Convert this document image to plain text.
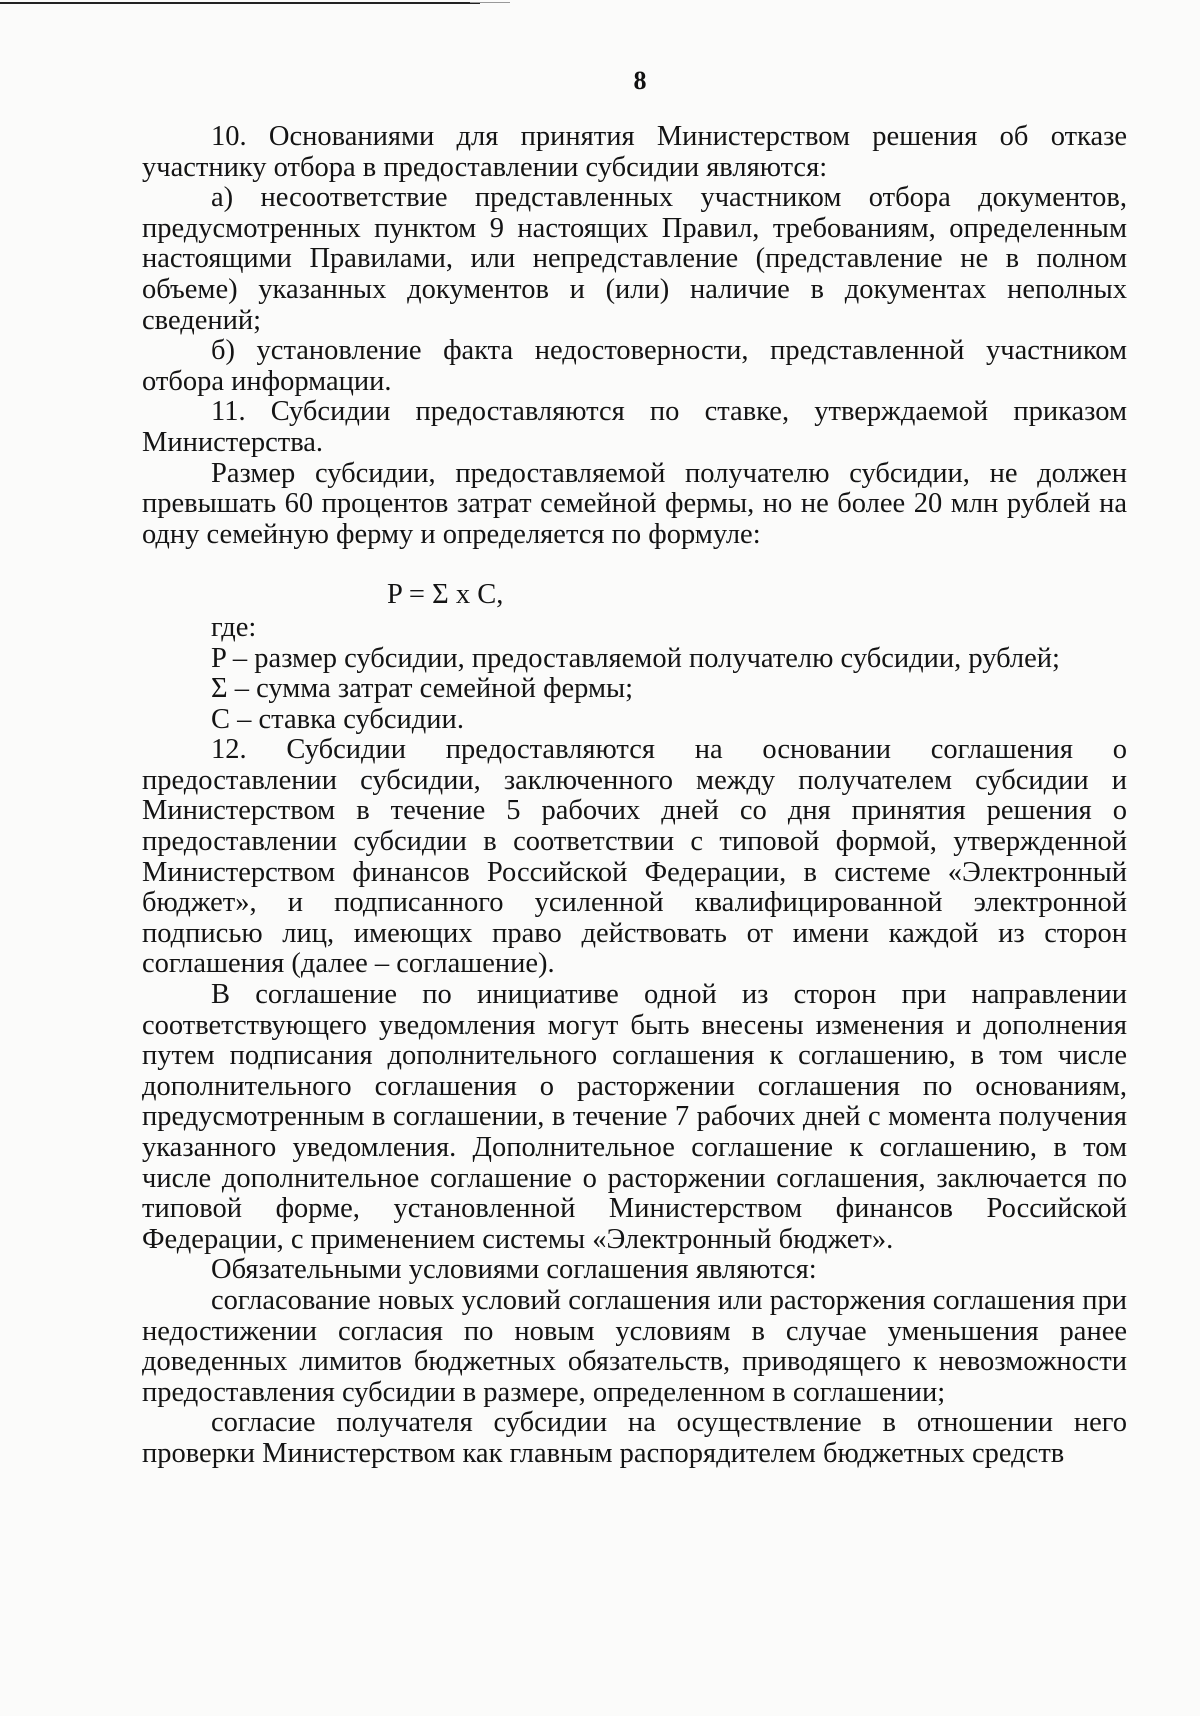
8

10. Основаниями для принятия Министерством решения об отказе участнику отбора в предоставлении субсидии являются:

а) несоответствие представленных участником отбора документов, предусмотренных пунктом 9 настоящих Правил, требованиям, определенным настоящими Правилами, или непредставление (представление не в полном объеме) указанных документов и (или) наличие в документах неполных сведений;

б) установление факта недостоверности, представленной участником отбора информации.

11. Субсидии предоставляются по ставке, утверждаемой приказом Министерства.

Размер субсидии, предоставляемой получателю субсидии, не должен превышать 60 процентов затрат семейной фермы, но не более 20 млн рублей на одну семейную ферму и определяется по формуле:

P = Σ x C,

где:

P – размер субсидии, предоставляемой получателю субсидии, рублей;

Σ – сумма затрат семейной фермы;

C – ставка субсидии.

12. Субсидии предоставляются на основании соглашения о предоставлении субсидии, заключенного между получателем субсидии и Министерством в течение 5 рабочих дней со дня принятия решения о предоставлении субсидии в соответствии с типовой формой, утвержденной Министерством финансов Российской Федерации, в системе «Электронный бюджет», и подписанного усиленной квалифицированной электронной подписью лиц, имеющих право действовать от имени каждой из сторон соглашения (далее – соглашение).

В соглашение по инициативе одной из сторон при направлении соответствующего уведомления могут быть внесены изменения и дополнения путем подписания дополнительного соглашения к соглашению, в том числе дополнительного соглашения о расторжении соглашения по основаниям, предусмотренным в соглашении, в течение 7 рабочих дней с момента получения указанного уведомления. Дополнительное соглашение к соглашению, в том числе дополнительное соглашение о расторжении соглашения, заключается по типовой форме, установленной Министерством финансов Российской Федерации, с применением системы «Электронный бюджет».

Обязательными условиями соглашения являются:

согласование новых условий соглашения или расторжения соглашения при недостижении согласия по новым условиям в случае уменьшения ранее доведенных лимитов бюджетных обязательств, приводящего к невозможности предоставления субсидии в размере, определенном в соглашении;

согласие получателя субсидии на осуществление в отношении него проверки Министерством как главным распорядителем бюджетных средств
